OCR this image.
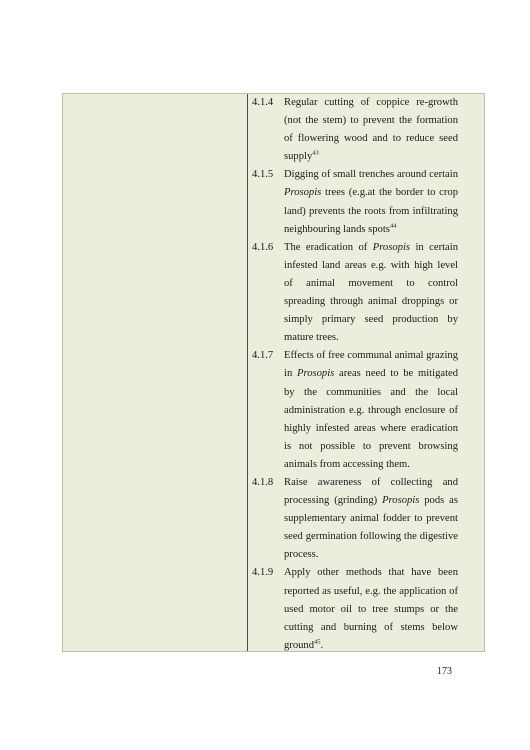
4.1.4 Regular cutting of coppice re-growth (not the stem) to prevent the formation of flowering wood and to reduce seed supply$^{43}$
4.1.5 Digging of small trenches around certain Prosopis trees (e.g.at the border to crop land) prevents the roots from infiltrating neighbouring lands spots$^{44}$
4.1.6 The eradication of Prosopis in certain infested land areas e.g. with high level of animal movement to control spreading through animal droppings or simply primary seed production by mature trees.
4.1.7 Effects of free communal animal grazing in Prosopis areas need to be mitigated by the communities and the local administration e.g. through enclosure of highly infested areas where eradication is not possible to prevent browsing animals from accessing them.
4.1.8 Raise awareness of collecting and processing (grinding) Prosopis pods as supplementary animal fodder to prevent seed germination following the digestive process.
4.1.9 Apply other methods that have been reported as useful, e.g. the application of used motor oil to tree stumps or the cutting and burning of stems below ground$^{45}$.
173
